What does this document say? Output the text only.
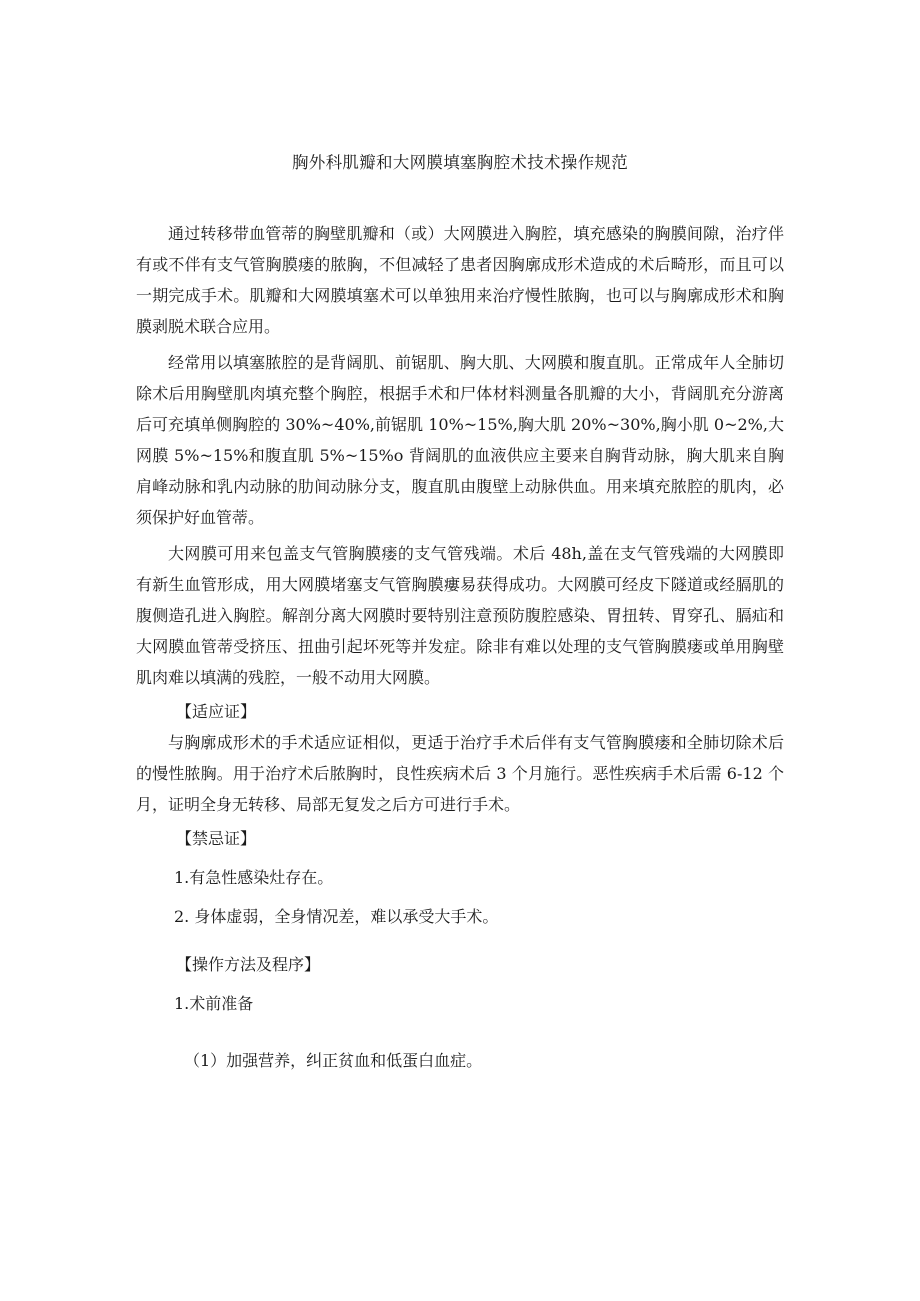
胸外科肌瓣和大网膜填塞胸腔术技术操作规范

通过转移带血管蒂的胸壁肌瓣和（或）大网膜进入胸腔，填充感染的胸膜间隙，治疗伴有或不伴有支气管胸膜瘘的脓胸，不但减轻了患者因胸廓成形术造成的术后畸形，而且可以一期完成手术。肌瓣和大网膜填塞术可以单独用来治疗慢性脓胸，也可以与胸廓成形术和胸膜剥脱术联合应用。

经常用以填塞脓腔的是背阔肌、前锯肌、胸大肌、大网膜和腹直肌。正常成年人全肺切除术后用胸壁肌肉填充整个胸腔，根据手术和尸体材料测量各肌瓣的大小，背阔肌充分游离后可充填单侧胸腔的 30%~40%,前锯肌 10%~15%,胸大肌 20%~30%,胸小肌 0~2%,大网膜 5%~15%和腹直肌 5%~15%o 背阔肌的血液供应主要来自胸背动脉，胸大肌来自胸肩峰动脉和乳内动脉的肋间动脉分支，腹直肌由腹壁上动脉供血。用来填充脓腔的肌肉，必须保护好血管蒂。

大网膜可用来包盖支气管胸膜瘘的支气管残端。术后 48h,盖在支气管残端的大网膜即有新生血管形成，用大网膜堵塞支气管胸膜瘻易获得成功。大网膜可经皮下隧道或经膈肌的腹侧造孔进入胸腔。解剖分离大网膜时要特别注意预防腹腔感染、胃扭转、胃穿孔、膈疝和大网膜血管蒂受挤压、扭曲引起坏死等并发症。除非有难以处理的支气管胸膜瘘或单用胸壁肌肉难以填满的残腔，一般不动用大网膜。

【适应证】

与胸廓成形术的手术适应证相似，更适于治疗手术后伴有支气管胸膜瘘和全肺切除术后的慢性脓胸。用于治疗术后脓胸时，良性疾病术后 3 个月施行。恶性疾病手术后需 6-12 个月，证明全身无转移、局部无复发之后方可进行手术。

【禁忌证】

1.有急性感染灶存在。

2. 身体虚弱，全身情况差，难以承受大手术。

【操作方法及程序】

1.术前准备

（1）加强营养，纠正贫血和低蛋白血症。
